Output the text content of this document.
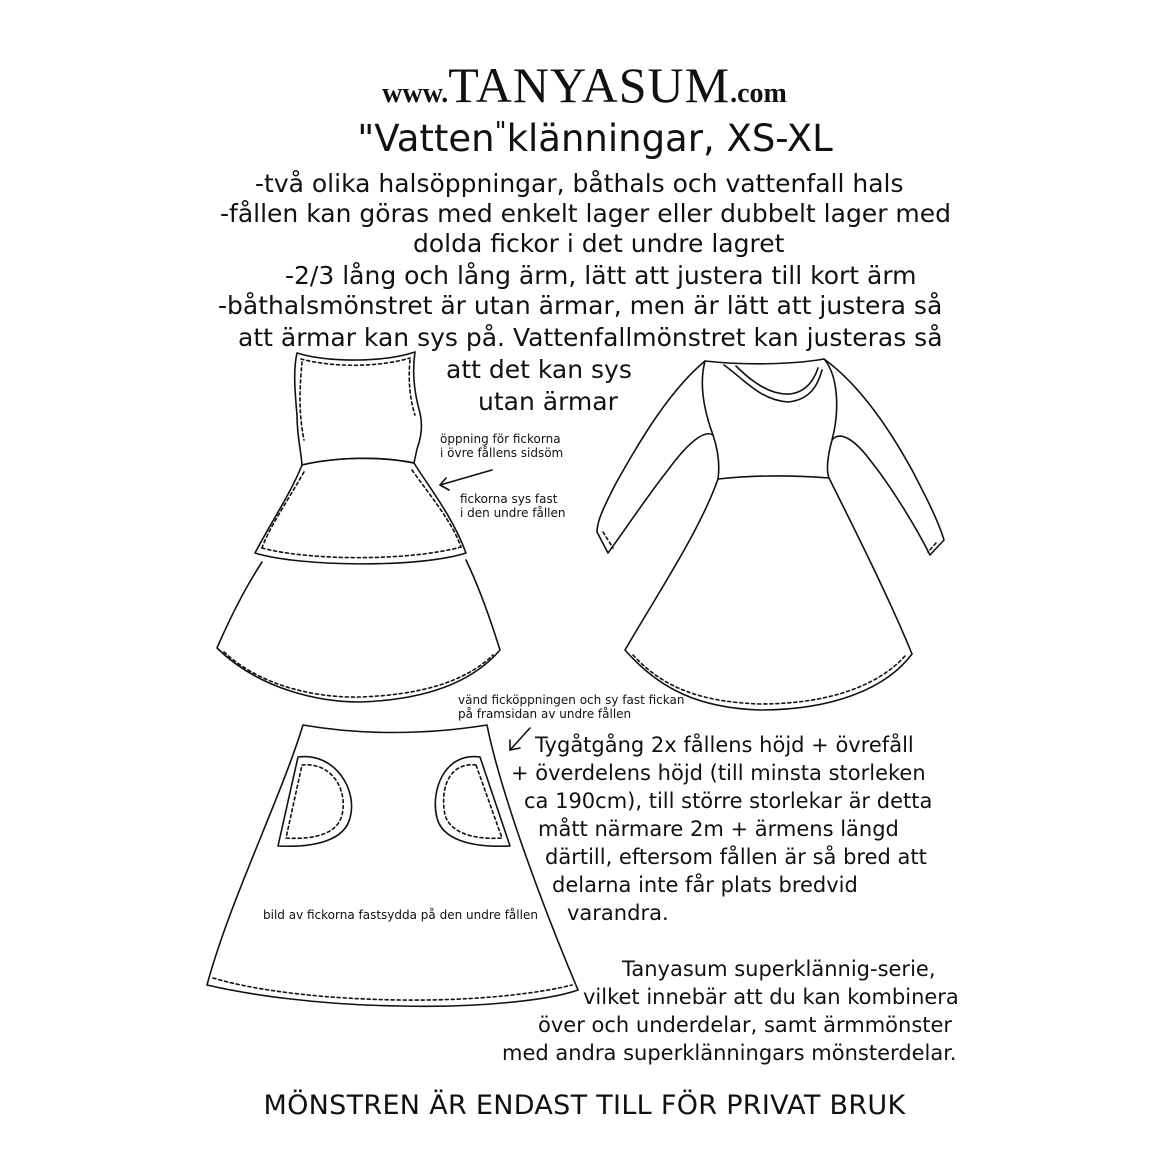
www.TANYASUM.com
"Vatten"klänningar, XS-XL
-två olika halsöppningar, båthals och vattenfall hals
-fållen kan göras med enkelt lager eller dubbelt lager med
dolda fickor i det undre lagret
-2/3 lång och lång ärm, lätt att justera till kort ärm
-båthalsmönstret är utan ärmar, men är lätt att justera så
att ärmar kan sys på. Vattenfallmönstret kan justeras så
att det kan sys
utan ärmar
öppning för fickorna
i övre fållens sidsöm
fickorna sys fast
i den undre fållen
vänd ficköppningen och sy fast fickan
på framsidan av undre fållen
bild av fickorna fastsydda på den undre fållen
Tygåtgång 2x fållens höjd + övrefåll
+ överdelens höjd (till minsta storleken
ca 190cm), till större storlekar är detta
mått närmare 2m + ärmens längd
därtill, eftersom fållen är så bred att
delarna inte får plats bredvid
varandra.
Tanyasum superklännig-serie,
vilket innebär att du kan kombinera
över och underdelar, samt ärmmönster
med andra superklänningars mönsterdelar.
MÖNSTREN ÄR ENDAST TILL FÖR PRIVAT BRUK
